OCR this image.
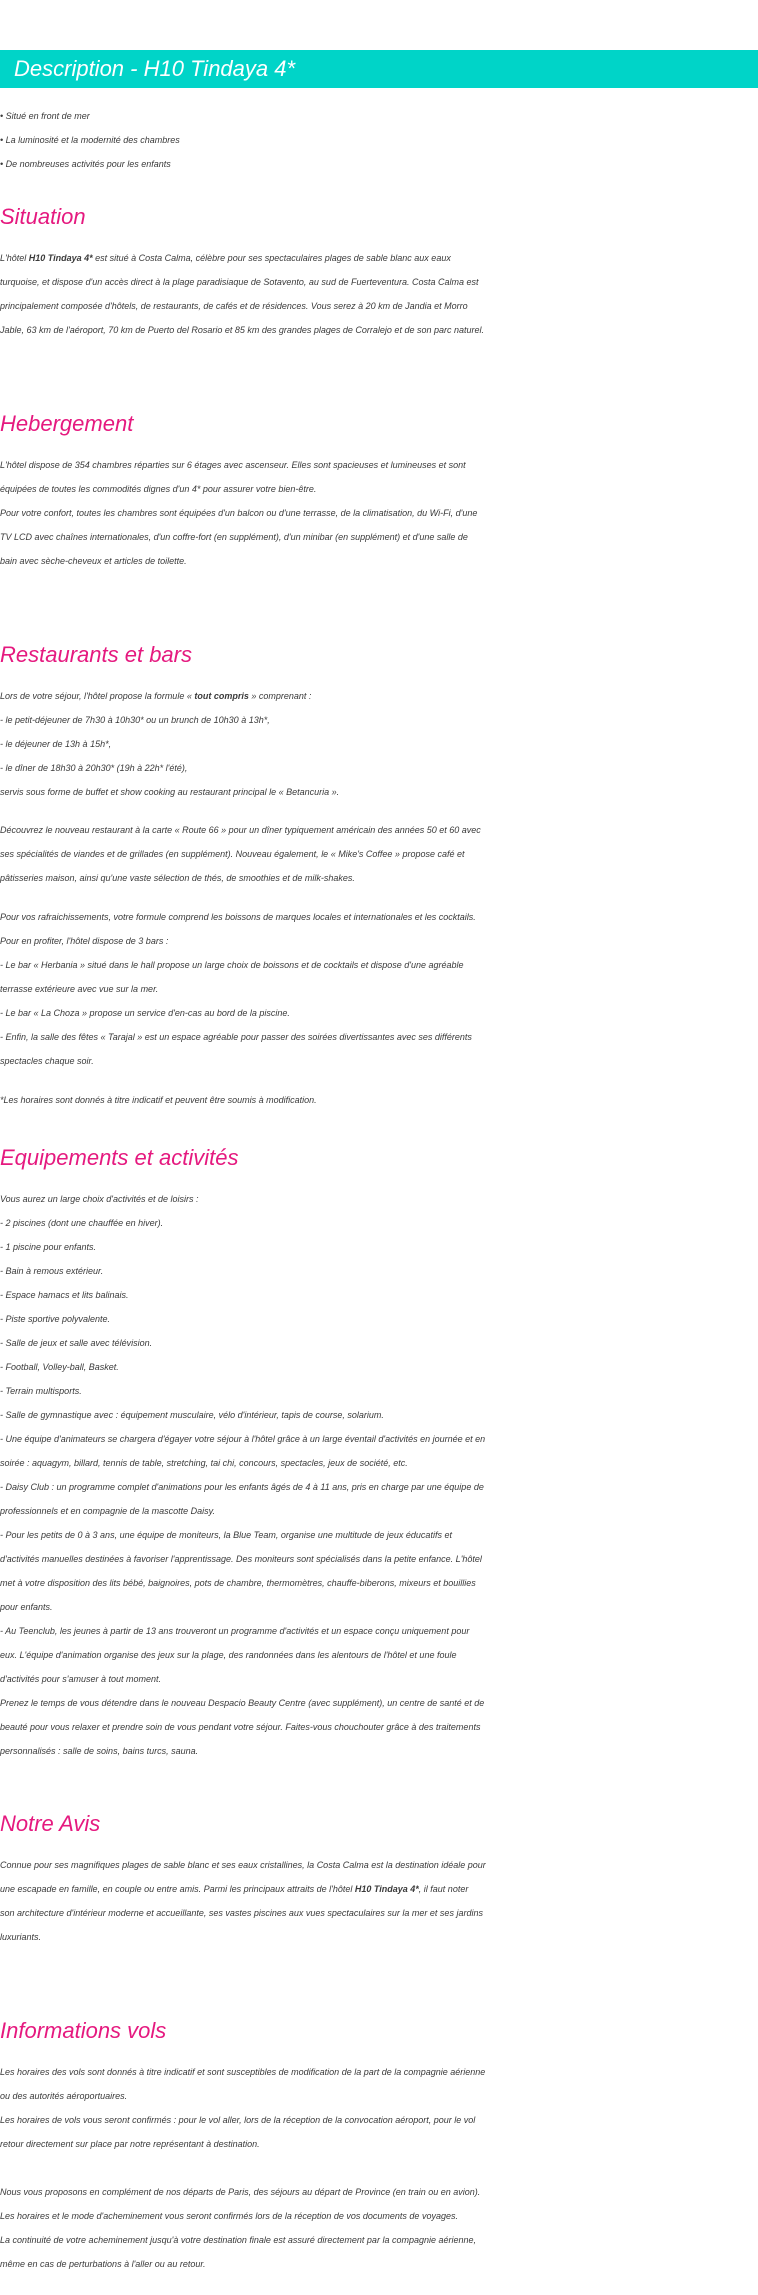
Description - H10 Tindaya 4*
• Situé en front de mer
• La luminosité et la modernité des chambres
• De nombreuses activités pour les enfants
Situation
L'hôtel H10 Tindaya 4* est situé à Costa Calma, célèbre pour ses spectaculaires plages de sable blanc aux eaux
turquoise, et dispose d'un accès direct à la plage paradisiaque de Sotavento, au sud de Fuerteventura. Costa Calma est
principalement composée d'hôtels, de restaurants, de cafés et de résidences. Vous serez à 20 km de Jandia et Morro
Jable, 63 km de l'aéroport, 70 km de Puerto del Rosario et 85 km des grandes plages de Corralejo et de son parc naturel.
Hebergement
L'hôtel dispose de 354 chambres réparties sur 6 étages avec ascenseur. Elles sont spacieuses et lumineuses et sont
équipées de toutes les commodités dignes d'un 4* pour assurer votre bien-être.
Pour votre confort, toutes les chambres sont équipées d'un balcon ou d'une terrasse, de la climatisation, du Wi-Fi, d'une
TV LCD avec chaînes internationales, d'un coffre-fort (en supplément), d'un minibar (en supplément) et d'une salle de
bain avec sèche-cheveux et articles de toilette.
Restaurants et bars
Lors de votre séjour, l'hôtel propose la formule « tout compris » comprenant :
- le petit-déjeuner de 7h30 à 10h30* ou un brunch de 10h30 à 13h*,
- le déjeuner de 13h à 15h*,
- le dîner de 18h30 à 20h30* (19h à 22h* l'été),
servis sous forme de buffet et show cooking au restaurant principal le « Betancuria ».
Découvrez le nouveau restaurant à la carte « Route 66 » pour un dîner typiquement américain des années 50 et 60 avec
ses spécialités de viandes et de grillades (en supplément). Nouveau également, le « Mike's Coffee » propose café et
pâtisseries maison, ainsi qu'une vaste sélection de thés, de smoothies et de milk-shakes.
Pour vos rafraichissements, votre formule comprend les boissons de marques locales et internationales et les cocktails.
Pour en profiter, l'hôtel dispose de 3 bars :
- Le bar « Herbania » situé dans le hall propose un large choix de boissons et de cocktails et dispose d'une agréable
terrasse extérieure avec vue sur la mer.
- Le bar « La Choza » propose un service d'en-cas au bord de la piscine.
- Enfin, la salle des fêtes « Tarajal » est un espace agréable pour passer des soirées divertissantes avec ses différents
spectacles chaque soir.
*Les horaires sont donnés à titre indicatif et peuvent être soumis à modification.
Equipements et activités
Vous aurez un large choix d'activités et de loisirs :
- 2 piscines (dont une chauffée en hiver).
- 1 piscine pour enfants.
- Bain à remous extérieur.
- Espace hamacs et lits balinais.
- Piste sportive polyvalente.
- Salle de jeux et salle avec télévision.
- Football, Volley-ball, Basket.
- Terrain multisports.
- Salle de gymnastique avec : équipement musculaire, vélo d'intérieur, tapis de course, solarium.
- Une équipe d'animateurs se chargera d'égayer votre séjour à l'hôtel grâce à un large éventail d'activités en journée et en
soirée : aquagym, billard, tennis de table, stretching, tai chi, concours, spectacles, jeux de société, etc.
- Daisy Club : un programme complet d'animations pour les enfants âgés de 4 à 11 ans, pris en charge par une équipe de
professionnels et en compagnie de la mascotte Daisy.
- Pour les petits de 0 à 3 ans, une équipe de moniteurs, la Blue Team, organise une multitude de jeux éducatifs et
d'activités manuelles destinées à favoriser l'apprentissage. Des moniteurs sont spécialisés dans la petite enfance. L'hôtel
met à votre disposition des lits bébé, baignoires, pots de chambre, thermomètres, chauffe-biberons, mixeurs et bouillies
pour enfants.
- Au Teenclub, les jeunes à partir de 13 ans trouveront un programme d'activités et un espace conçu uniquement pour
eux. L'équipe d'animation organise des jeux sur la plage, des randonnées dans les alentours de l'hôtel et une foule
d'activités pour s'amuser à tout moment.
Prenez le temps de vous détendre dans le nouveau Despacio Beauty Centre (avec supplément), un centre de santé et de
beauté pour vous relaxer et prendre soin de vous pendant votre séjour. Faites-vous chouchouter grâce à des traitements
personnalisés : salle de soins, bains turcs, sauna.
Notre Avis
Connue pour ses magnifiques plages de sable blanc et ses eaux cristallines, la Costa Calma est la destination idéale pour
une escapade en famille, en couple ou entre amis. Parmi les principaux attraits de l'hôtel H10 Tindaya 4*, il faut noter
son architecture d'intérieur moderne et accueillante, ses vastes piscines aux vues spectaculaires sur la mer et ses jardins
luxuriants.
Informations vols
Les horaires des vols sont donnés à titre indicatif et sont susceptibles de modification de la part de la compagnie aérienne
ou des autorités aéroportuaires.
Les horaires de vols vous seront confirmés : pour le vol aller, lors de la réception de la convocation aéroport, pour le vol
retour directement sur place par notre représentant à destination.
Nous vous proposons en complément de nos départs de Paris, des séjours au départ de Province (en train ou en avion).
Les horaires et le mode d'acheminement vous seront confirmés lors de la réception de vos documents de voyages.
La continuité de votre acheminement jusqu'à votre destination finale est assuré directement par la compagnie aérienne,
même en cas de perturbations à l'aller ou au retour.
